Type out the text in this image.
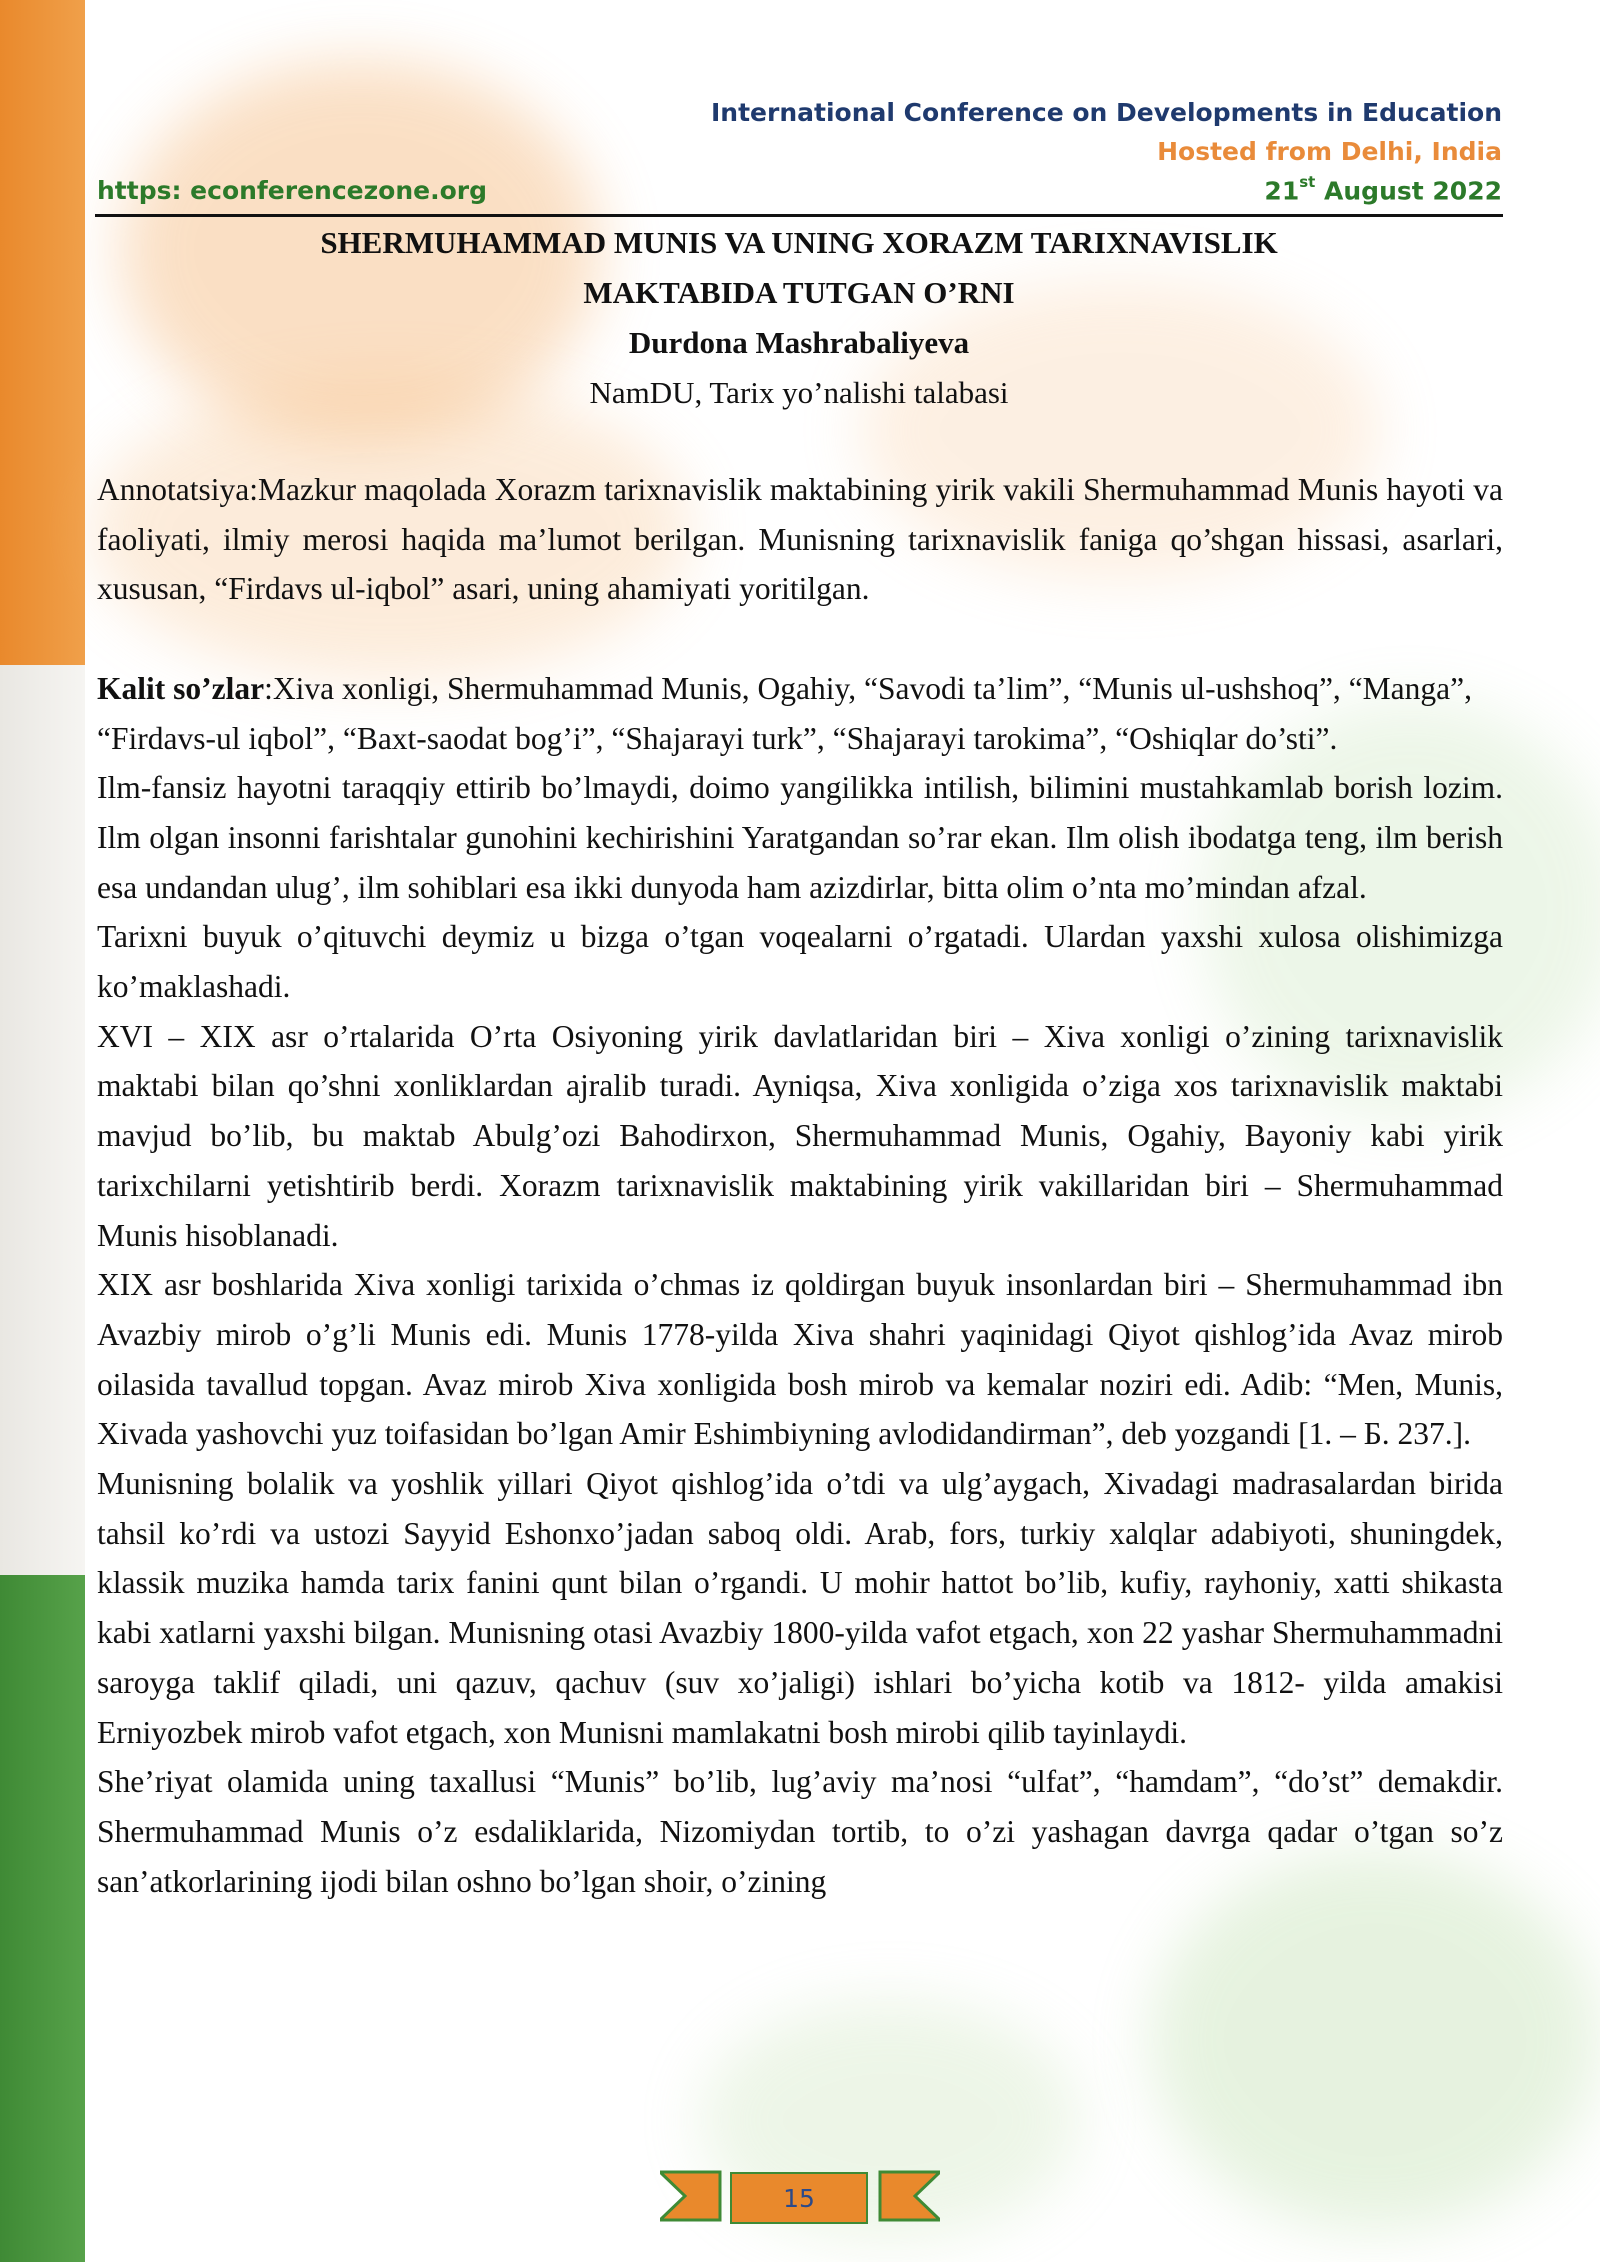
International Conference on Developments in Education
Hosted from Delhi, India
https: econferencezone.org	21st August 2022
SHERMUHAMMAD MUNIS VA UNING XORAZM TARIXNAVISLIK
MAKTABIDA TUTGAN O’RNI
Durdona Mashrabaliyeva
NamDU, Tarix yo’nalishi talabasi

Annotatsiya:Mazkur maqolada Xorazm tarixnavislik maktabining yirik vakili Shermuhammad Munis hayoti va faoliyati, ilmiy merosi haqida ma’lumot berilgan. Munisning tarixnavislik faniga qo’shgan hissasi, asarlari, xususan, “Firdavs ul-iqbol” asari, uning ahamiyati yoritilgan.

Kalit so’zlar:Xiva xonligi, Shermuhammad Munis, Ogahiy, “Savodi ta’lim”, “Munis ul-ushshoq”, “Manga”, “Firdavs-ul iqbol”, “Baxt-saodat bog’i”, “Shajarayi turk”, “Shajarayi tarokima”, “Oshiqlar do’sti”.

Ilm-fansiz hayotni taraqqiy ettirib bo’lmaydi, doimo yangilikka intilish, bilimini mustahkamlab borish lozim. Ilm olgan insonni farishtalar gunohini kechirishini Yaratgandan so’rar ekan. Ilm olish ibodatga teng, ilm berish esa undandan ulug’, ilm sohiblari esa ikki dunyoda ham azizdirlar, bitta olim o’nta mo’mindan afzal.

Tarixni buyuk o’qituvchi deymiz u bizga o’tgan voqealarni o’rgatadi. Ulardan yaxshi xulosa olishimizga ko’maklashadi.

XVI – XIX asr o’rtalarida O’rta Osiyoning yirik davlatlaridan biri – Xiva xonligi o’zining tarixnavislik maktabi bilan qo’shni xonliklardan ajralib turadi. Ayniqsa, Xiva xonligida o’ziga xos tarixnavislik maktabi mavjud bo’lib, bu maktab Abulg’ozi Bahodirxon, Shermuhammad Munis, Ogahiy, Bayoniy kabi yirik tarixchilarni yetishtirib berdi. Xorazm tarixnavislik maktabining yirik vakillaridan biri – Shermuhammad Munis hisoblanadi.

XIX asr boshlarida Xiva xonligi tarixida o’chmas iz qoldirgan buyuk insonlardan biri – Shermuhammad ibn Avazbiy mirob o’g’li Munis edi. Munis 1778-yilda Xiva shahri yaqinidagi Qiyot qishlog’ida Avaz mirob oilasida tavallud topgan. Avaz mirob Xiva xonligida bosh mirob va kemalar noziri edi. Adib: “Men, Munis, Xivada yashovchi yuz toifasidan bo’lgan Amir Eshimbiyning avlodidandirman”, deb yozgandi [1. – Б. 237.].

Munisning bolalik va yoshlik yillari Qiyot qishlog’ida o’tdi va ulg’aygach, Xivadagi madrasalardan birida tahsil ko’rdi va ustozi Sayyid Eshonxo’jadan saboq oldi. Arab, fors, turkiy xalqlar adabiyoti, shuningdek, klassik muzika hamda tarix fanini qunt bilan o’rgandi. U mohir hattot bo’lib, kufiy, rayhoniy, xatti shikasta kabi xatlarni yaxshi bilgan. Munisning otasi Avazbiy 1800-yilda vafot etgach, xon 22 yashar Shermuhammadni saroyga taklif qiladi, uni qazuv, qachuv (suv xo’jaligi) ishlari bo’yicha kotib va 1812- yilda amakisi Erniyozbek mirob vafot etgach, xon Munisni mamlakatni bosh mirobi qilib tayinlaydi.

She’riyat olamida uning taxallusi “Munis” bo’lib, lug’aviy ma’nosi “ulfat”, “hamdam”, “do’st” demakdir. Shermuhammad Munis o’z esdaliklarida, Nizomiydan tortib, to o’zi yashagan davrga qadar o’tgan so’z san’atkorlarining ijodi bilan oshno bo’lgan shoir, o’zining

15
